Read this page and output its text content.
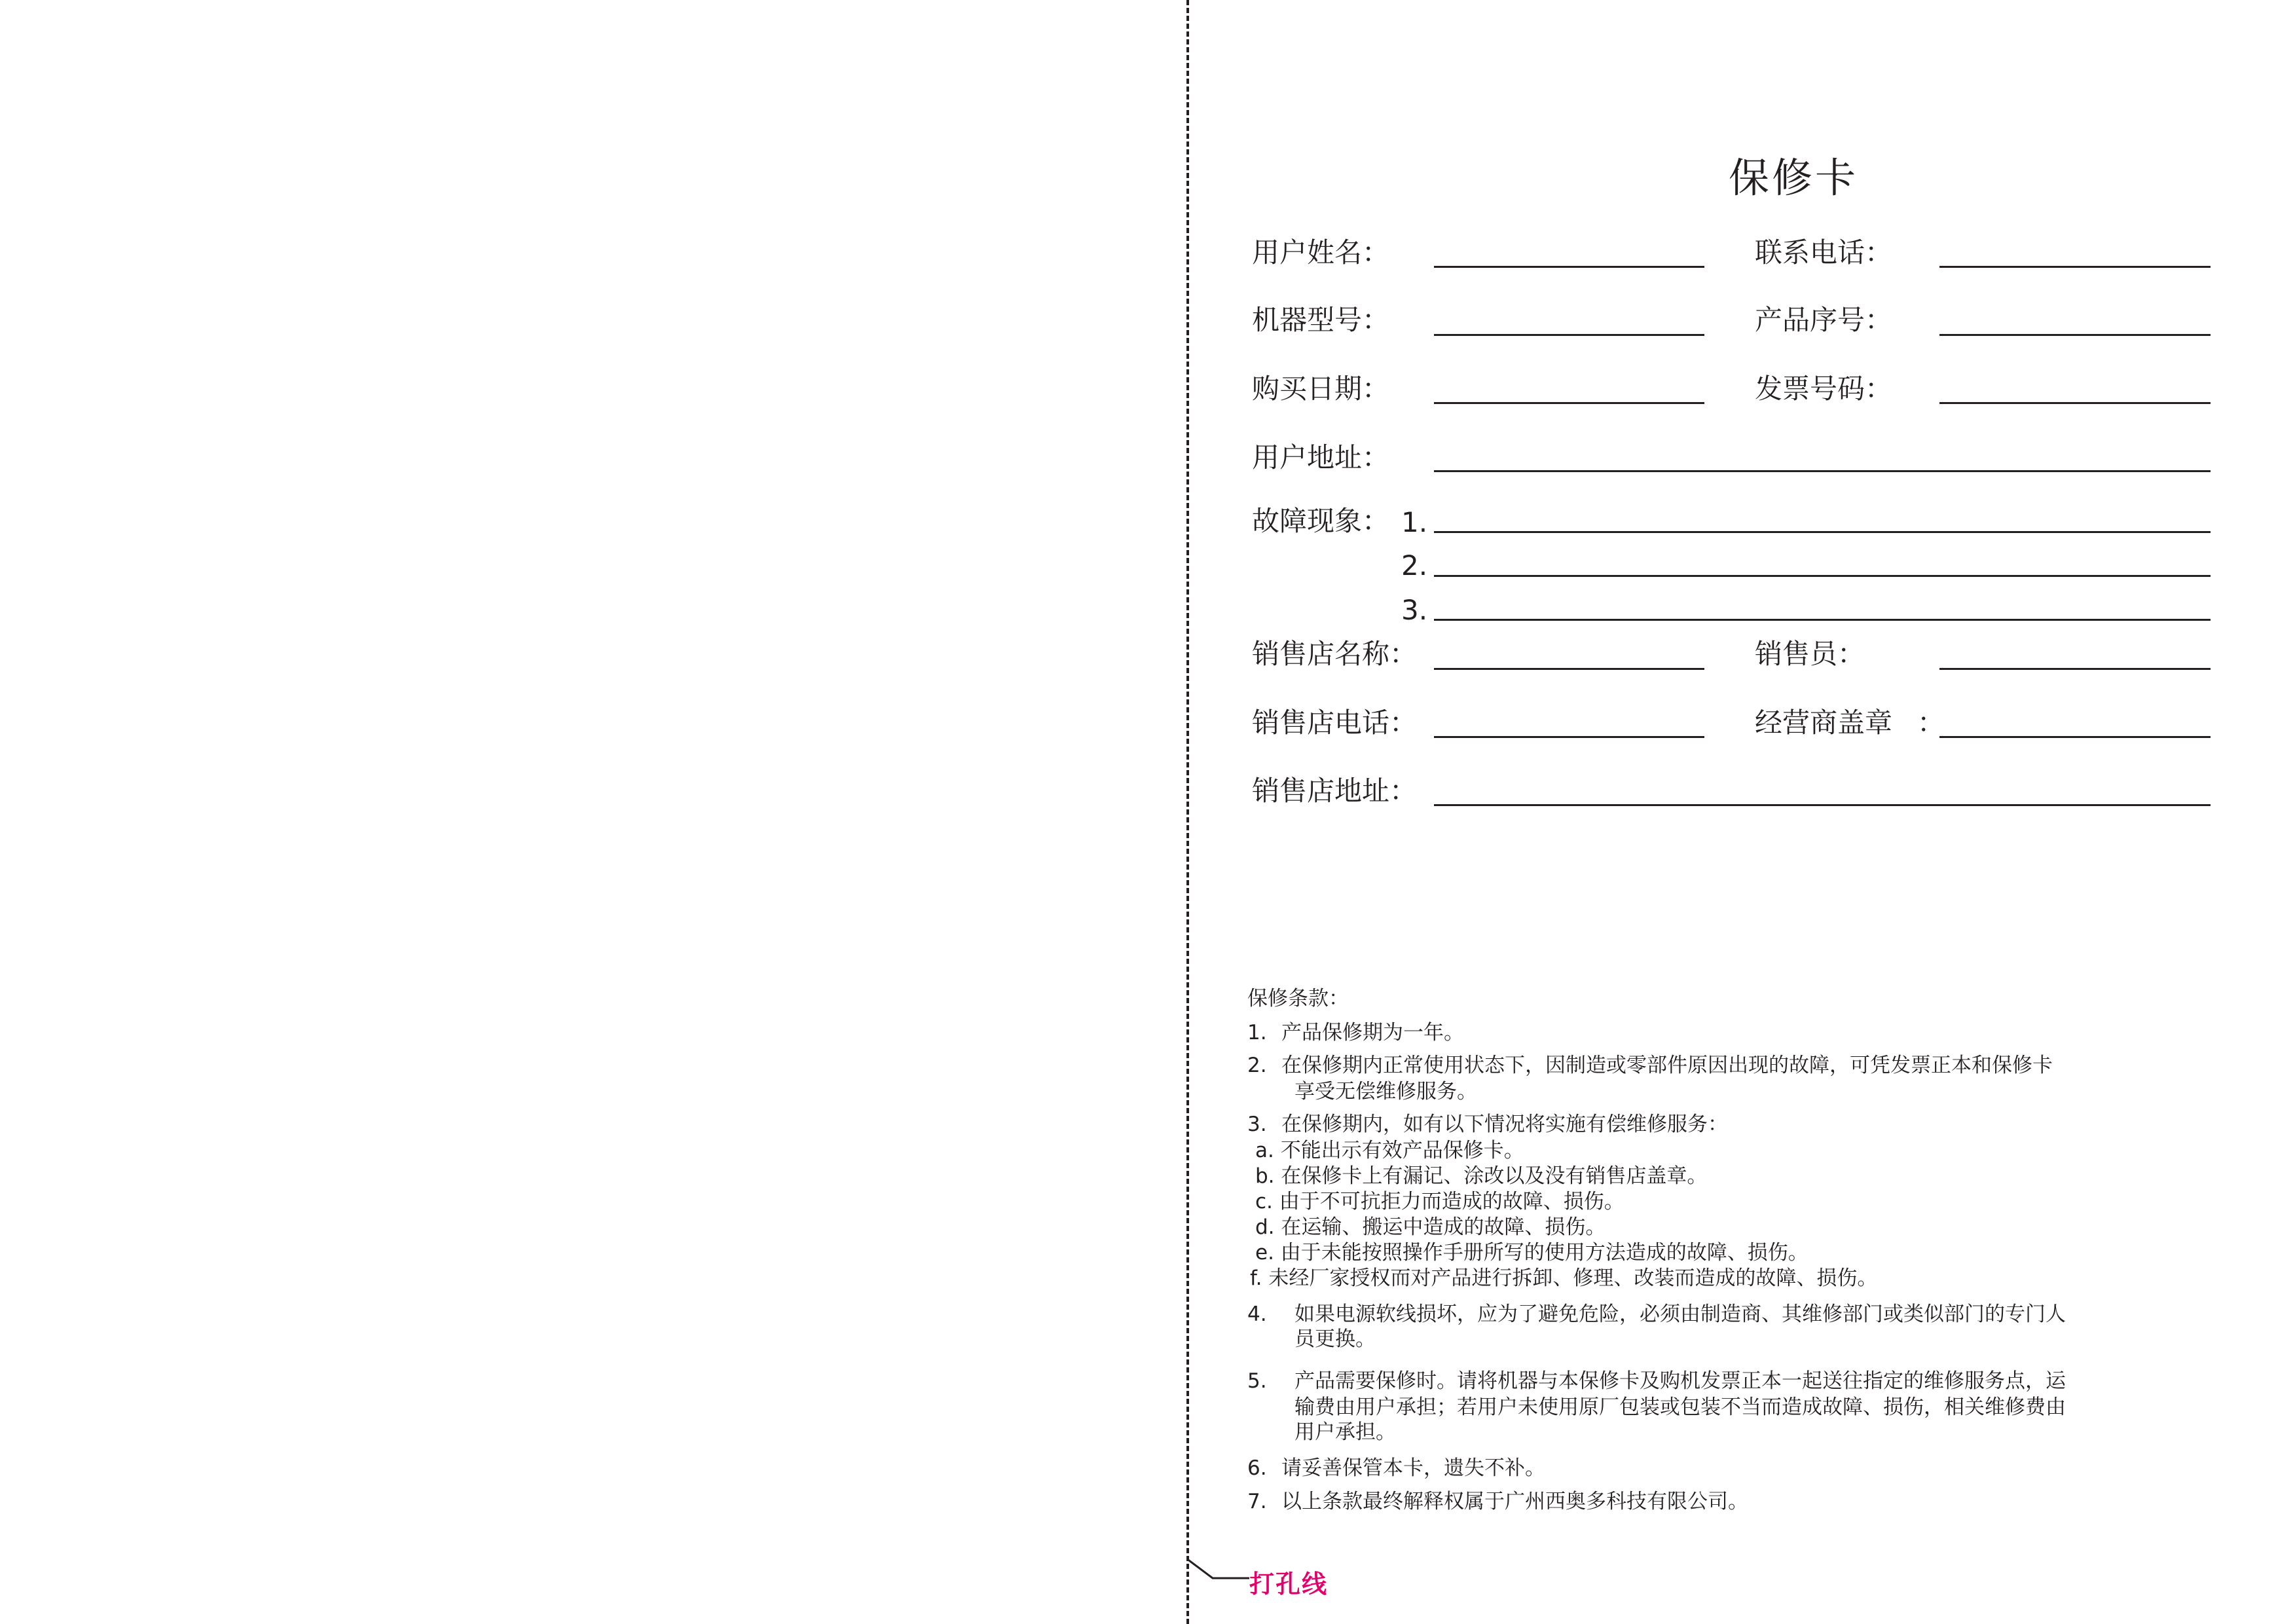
打孔线
保修卡
用户姓名：	联系电话：
机器型号：	产品序号：
购买日期：	发票号码：
用户地址：
故障现象： 1.
2.
3.
销售店名称：	销售员：
销售店电话：	经营商盖章 ：
销售店地址：
保修条款：
1. 产品保修期为一年。
2. 在保修期内正常使用状态下，因制造或零部件原因出现的故障，可凭发票正本和保修卡
享受无偿维修服务。
3. 在保修期内，如有以下情况将实施有偿维修服务：
a. 不能出示有效产品保修卡。
b. 在保修卡上有漏记、涂改以及没有销售店盖章。
c. 由于不可抗拒力而造成的故障、损伤。
d. 在运输、搬运中造成的故障、损伤。
e. 由于未能按照操作手册所写的使用方法造成的故障、损伤。
f. 未经厂家授权而对产品进行拆卸、修理、改装而造成的故障、损伤。
4. 如果电源软线损坏，应为了避免危险，必须由制造商、其维修部门或类似部门的专门人
员更换。
5. 产品需要保修时。请将机器与本保修卡及购机发票正本一起送往指定的维修服务点，运
输费由用户承担；若用户未使用原厂包装或包装不当而造成故障、损伤，相关维修费由
用户承担。
6. 请妥善保管本卡，遗失不补。
7. 以上条款最终解释权属于广州西奥多科技有限公司。
